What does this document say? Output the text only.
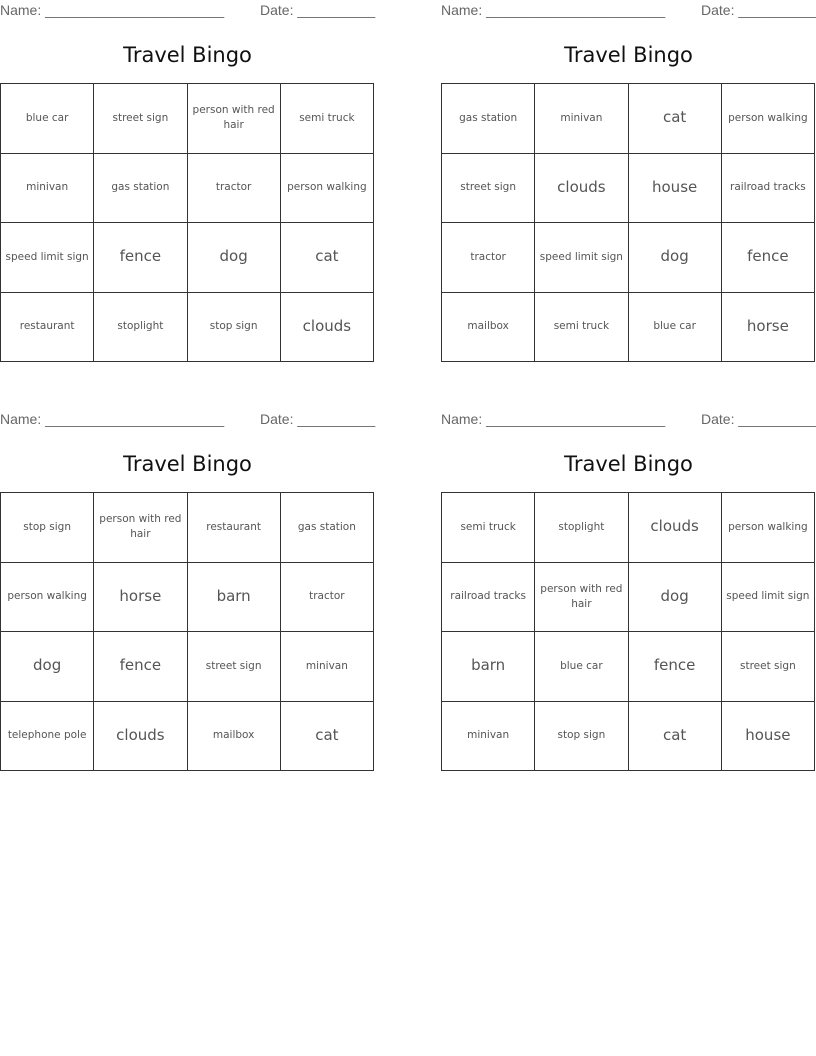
Name: _______________________	Date: __________
Travel Bingo
blue car	street sign	person with red hair	semi truck
minivan	gas station	tractor	person walking
speed limit sign	fence	dog	cat
restaurant	stoplight	stop sign	clouds
Name: _______________________	Date: __________
Travel Bingo
gas station	minivan	cat	person walking
street sign	clouds	house	railroad tracks
tractor	speed limit sign	dog	fence
mailbox	semi truck	blue car	horse
Name: _______________________	Date: __________
Travel Bingo
stop sign	person with red hair	restaurant	gas station
person walking	horse	barn	tractor
dog	fence	street sign	minivan
telephone pole	clouds	mailbox	cat
Name: _______________________	Date: __________
Travel Bingo
semi truck	stoplight	clouds	person walking
railroad tracks	person with red hair	dog	speed limit sign
barn	blue car	fence	street sign
minivan	stop sign	cat	house
